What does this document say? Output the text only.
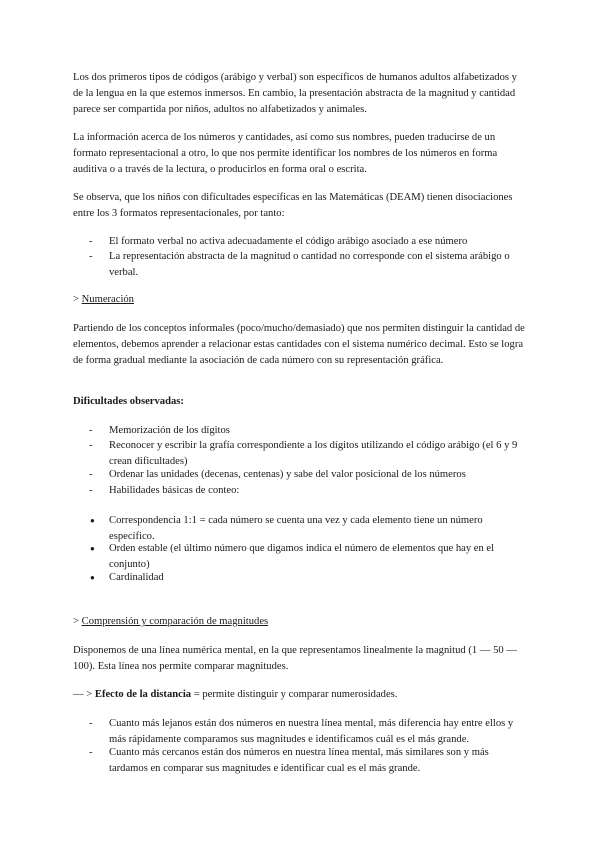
Los dos primeros tipos de códigos (arábigo y verbal) son específicos de humanos adultos alfabetizados y de la lengua en la que estemos inmersos. En cambio, la presentación abstracta de la magnitud y cantidad parece ser compartida por niños, adultos no alfabetizados y animales.

La información acerca de los números y cantidades, así como sus nombres, pueden traducirse de un formato representacional a otro, lo que nos permite identificar los nombres de los números en forma auditiva o a través de la lectura, o producirlos en forma oral o escrita.

Se observa, que los niños con dificultades específicas en las Matemáticas (DEAM) tienen disociaciones entre los 3 formatos representacionales, por tanto:

-	El formato verbal no activa adecuadamente el código arábigo asociado a ese número
-	La representación abstracta de la magnitud o cantidad no corresponde con el sistema arábigo o verbal.

> Numeración

Partiendo de los conceptos informales (poco/mucho/demasiado) que nos permiten distinguir la cantidad de elementos, debemos aprender a relacionar estas cantidades con el sistema numérico decimal. Esto se logra de forma gradual mediante la asociación de cada número con su representación gráfica.

Dificultades observadas:

-	Memorización de los dígitos
-	Reconocer y escribir la grafía correspondiente a los dígitos utilizando el código arábigo (el 6 y 9 crean dificultades)
-	Ordenar las unidades (decenas, centenas) y sabe del valor posicional de los números
-	Habilidades básicas de conteo:
●	Correspondencia 1:1 = cada número se cuenta una vez y cada elemento tiene un número específico.
●	Orden estable (el último número que digamos indica el número de elementos que hay en el conjunto)
●	Cardinalidad

> Comprensión y comparación de magnitudes

Disponemos de una línea numérica mental, en la que representamos linealmente la magnitud (1 — 50 — 100). Esta línea nos permite comparar magnitudes.

— > Efecto de la distancia = permite distinguir y comparar numerosidades.

-	Cuanto más lejanos están dos números en nuestra línea mental, más diferencia hay entre ellos y más rápidamente comparamos sus magnitudes e identificamos cuál es el más grande.
-	Cuanto más cercanos están dos números en nuestra línea mental, más similares son y más tardamos en comparar sus magnitudes e identificar cual es el más grande.
